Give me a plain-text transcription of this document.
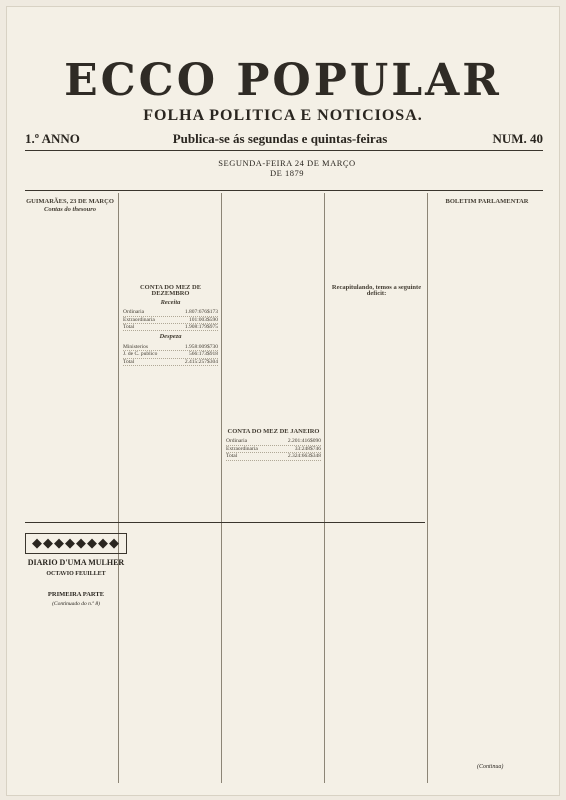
ECCO POPULAR
FOLHA POLITICA E NOTICIOSA.
1.º ANNO	Publica-se ás segundas e quintas-feiras	NUM. 40

SEGUNDA-FEIRA 24 DE MARÇO DE 1879

GUIMARÃES, 23 DE MARÇO
Contas do thesouro
CONTA DO MEZ DE DEZEMBRO
Receita
Ordinaria	1.807:676$173
Extraordinaria	101:003$590
Total	1.908:179$975
Despeza
Ministerios	1.958:009$730
J. de C. publico	566:173$918
Total	2.415:257$304
CONTA DO MEZ DE JANEIRO
Ordinaria	2.201:416$090
Extraordinaria	33:248$746
Total	2.324:663$348
Recapitulando, temos a seguinte deficit:
BOLETIM PARLAMENTAR
◆◆◆◆◆◆◆◆
DIARIO D'UMA MULHER
OCTAVIO FEUILLET
PRIMEIRA PARTE
(Continuado do n.º 8)
(Continua)
